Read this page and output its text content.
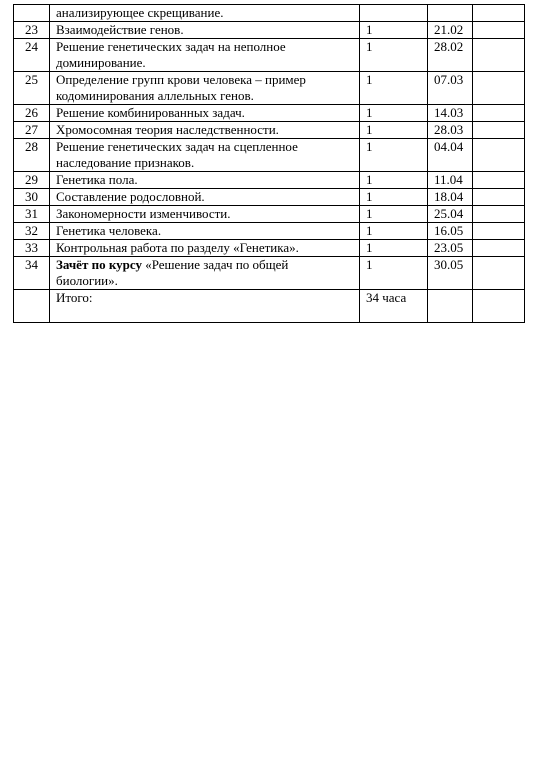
	анализирующее скрещивание.			
23	Взаимодействие генов.	1	21.02	
24	Решение генетических задач на неполное доминирование.	1	28.02	
25	Определение групп крови человека – пример кодоминирования аллельных генов.	1	07.03	
26	Решение комбинированных задач.	1	14.03	
27	Хромосомная теория наследственности.	1	28.03	
28	Решение генетических задач на сцепленное наследование признаков.	1	04.04	
29	Генетика пола.	1	11.04	
30	Составление родословной.	1	18.04	
31	Закономерности изменчивости.	1	25.04	
32	Генетика человека.	1	16.05	
33	Контрольная работа по разделу «Генетика».	1	23.05	
34	Зачёт по курсу «Решение задач по общей биологии».	1	30.05	
	Итого:	34 часа		
